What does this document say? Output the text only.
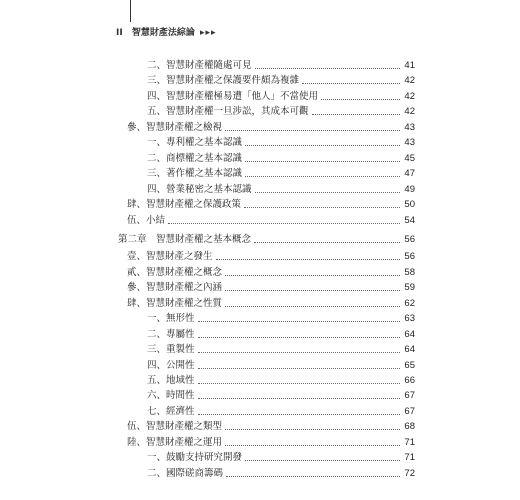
II 智慧財產法綜論 ▸▸▸
二、智慧財產權隨處可見	41
三、智慧財產權之保護要件頗為複雜	42
四、智慧財產權極易遭「他人」不當使用	42
五、智慧財產權一旦涉訟，其成本可觀	42
參、智慧財產權之檢視	43
一、專利權之基本認識	43
二、商標權之基本認識	45
三、著作權之基本認識	47
四、營業秘密之基本認識	49
肆、智慧財產權之保護政策	50
伍、小結	54
第二章　智慧財產權之基本概念	56
壹、智慧財產之發生	56
貳、智慧財產權之概念	58
參、智慧財產權之內涵	59
肆、智慧財產權之性質	62
一、無形性	63
二、專屬性	64
三、重製性	64
四、公開性	65
五、地域性	66
六、時間性	67
七、經濟性	67
伍、智慧財產權之類型	68
陸、智慧財產權之運用	71
一、鼓勵支持研究開發	71
二、國際磋商籌碼	72
